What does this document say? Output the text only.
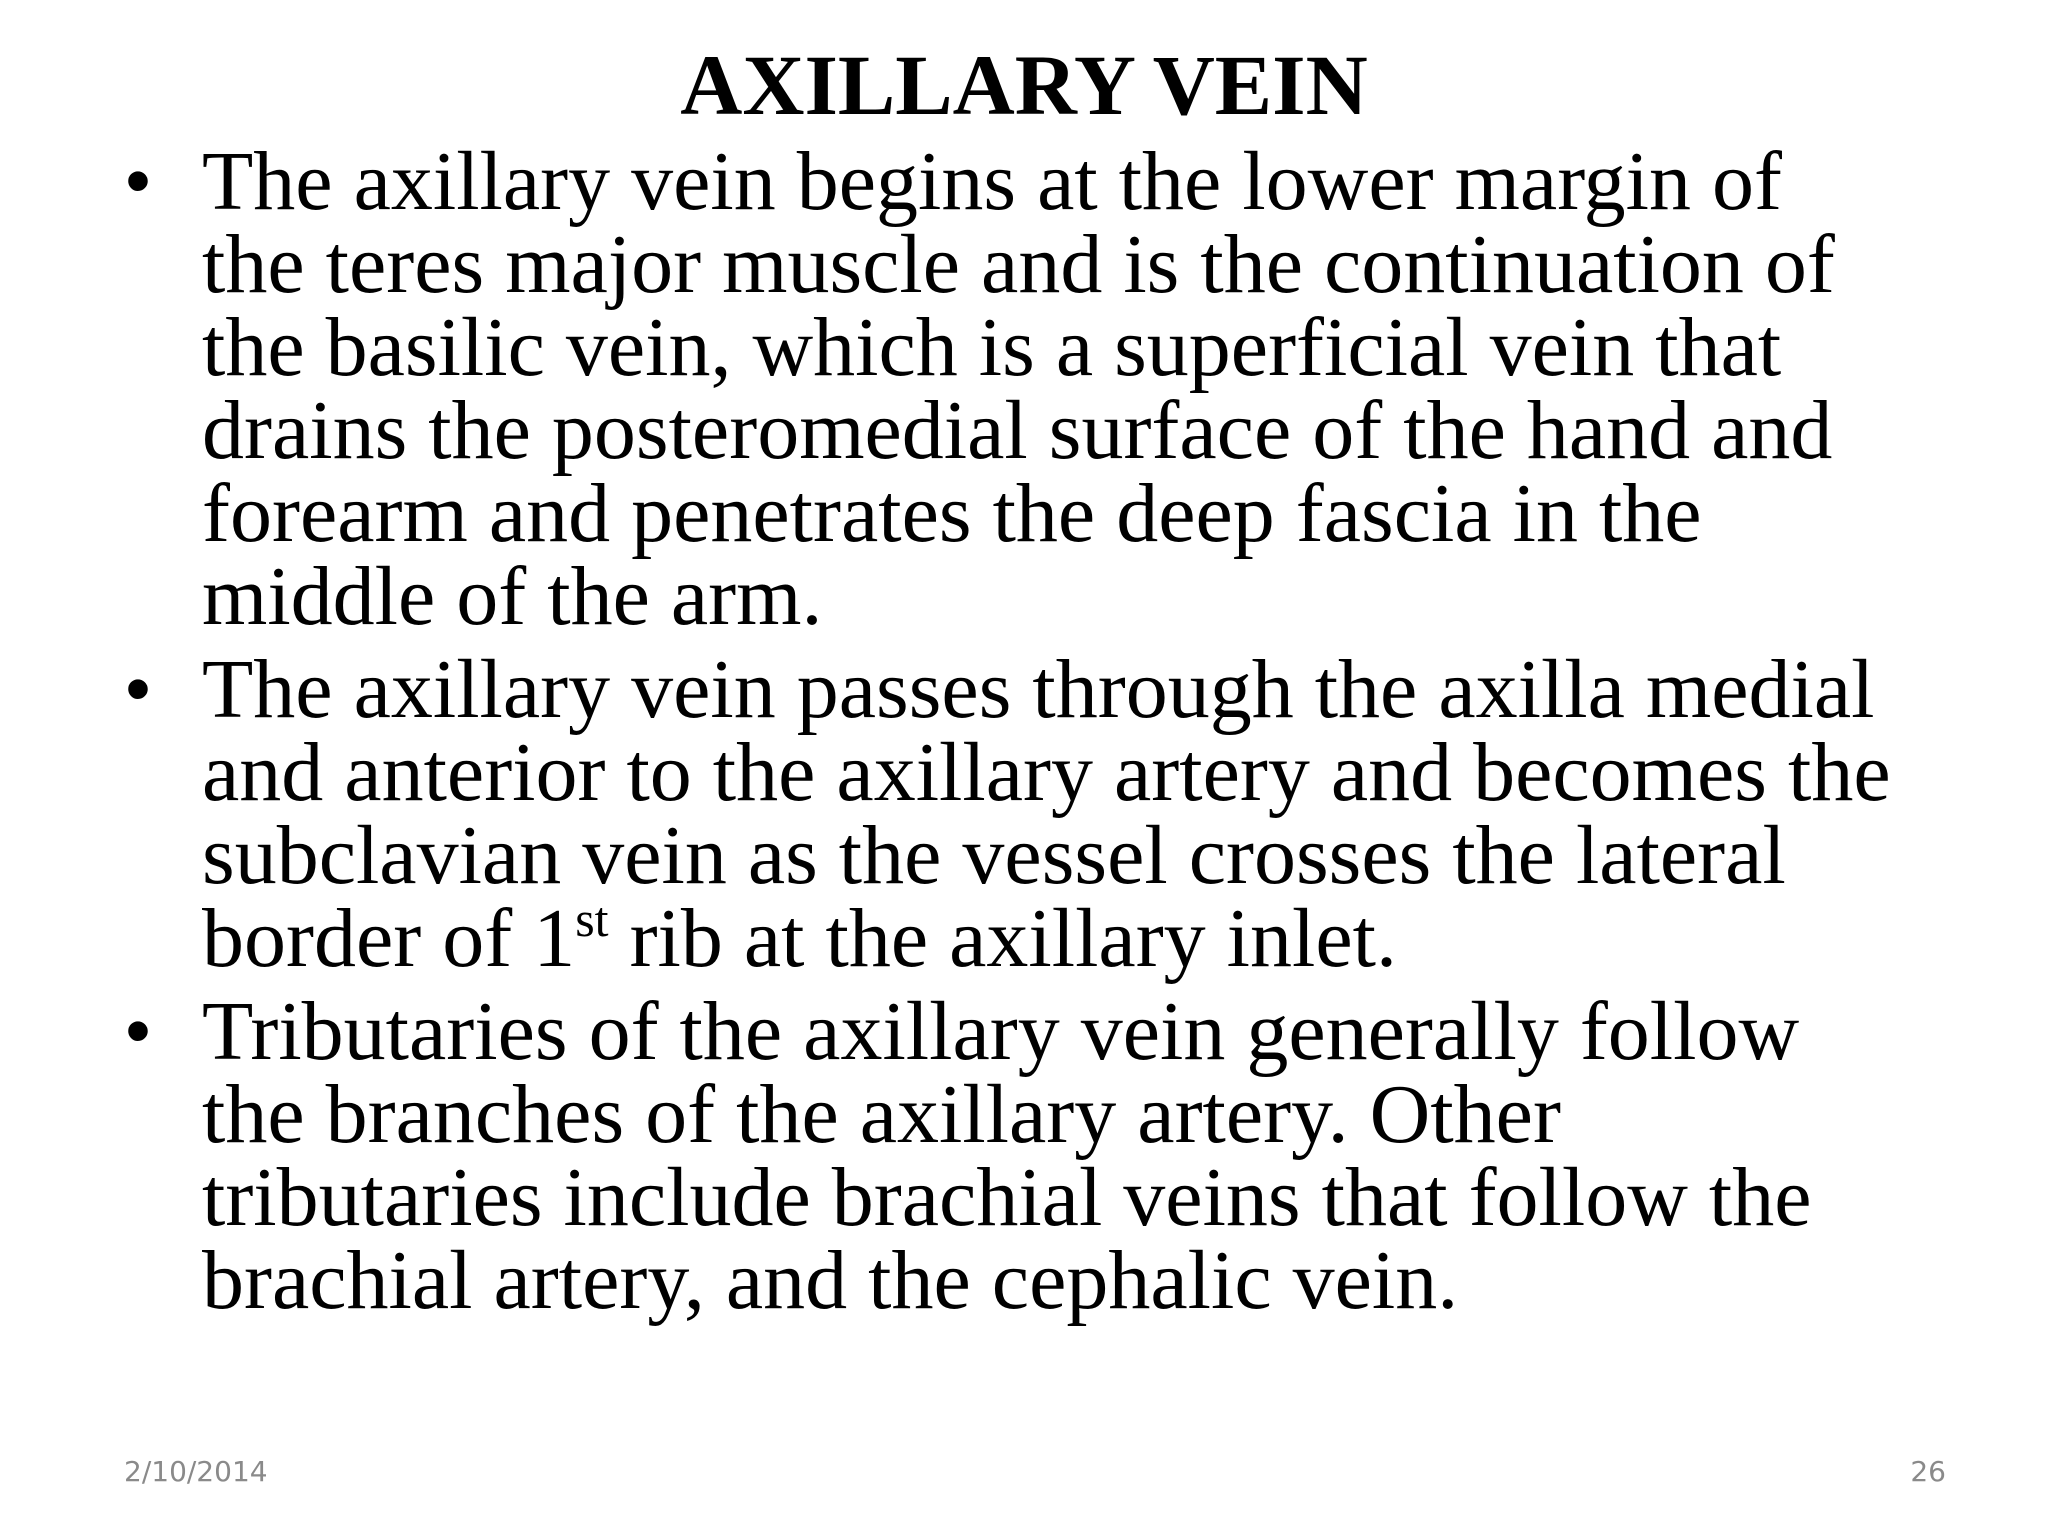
AXILLARY VEIN
• The axillary vein begins at the lower margin of
the teres major muscle and is the continuation of
the basilic vein, which is a superficial vein that
drains the posteromedial surface of the hand and
forearm and penetrates the deep fascia in the
middle of the arm.
• The axillary vein passes through the axilla medial
and anterior to the axillary artery and becomes the
subclavian vein as the vessel crosses the lateral
border of 1st rib at the axillary inlet.
• Tributaries of the axillary vein generally follow
the branches of the axillary artery. Other
tributaries include brachial veins that follow the
brachial artery, and the cephalic vein.
2/10/2014	26
